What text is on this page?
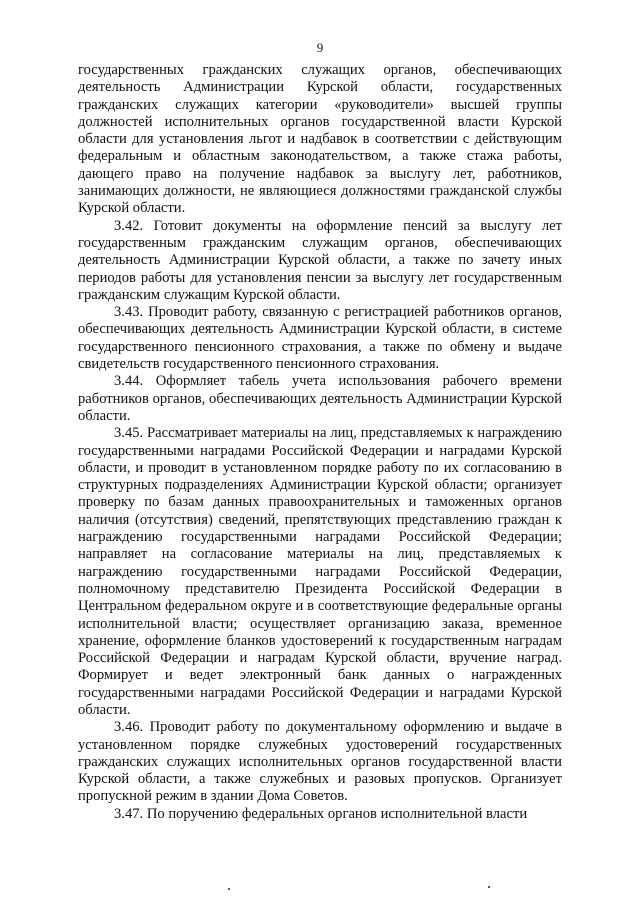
9

государственных гражданских служащих органов, обеспечивающих деятельность Администрации Курской области, государственных гражданских служащих категории «руководители» высшей группы должностей исполнительных органов государственной власти Курской области для установления льгот и надбавок в соответствии с действующим федеральным и областным законодательством, а также стажа работы, дающего право на получение надбавок за выслугу лет, работников, занимающих должности, не являющиеся должностями гражданской службы Курской области.

3.42. Готовит документы на оформление пенсий за выслугу лет государственным гражданским служащим органов, обеспечивающих деятельность Администрации Курской области, а также по зачету иных периодов работы для установления пенсии за выслугу лет государственным гражданским служащим Курской области.

3.43. Проводит работу, связанную с регистрацией работников органов, обеспечивающих деятельность Администрации Курской области, в системе государственного пенсионного страхования, а также по обмену и выдаче свидетельств государственного пенсионного страхования.

3.44. Оформляет табель учета использования рабочего времени работников органов, обеспечивающих деятельность Администрации Курской области.

3.45. Рассматривает материалы на лиц, представляемых к награждению государственными наградами Российской Федерации и наградами Курской области, и проводит в установленном порядке работу по их согласованию в структурных подразделениях Администрации Курской области; организует проверку по базам данных правоохранительных и таможенных органов наличия (отсутствия) сведений, препятствующих представлению граждан к награждению государственными наградами Российской Федерации; направляет на согласование материалы на лиц, представляемых к награждению государственными наградами Российской Федерации, полномочному представителю Президента Российской Федерации в Центральном федеральном округе и в соответствующие федеральные органы исполнительной власти; осуществляет организацию заказа, временное хранение, оформление бланков удостоверений к государственным наградам Российской Федерации и наградам Курской области, вручение наград. Формирует и ведет электронный банк данных о награжденных государственными наградами Российской Федерации и наградами Курской области.

3.46. Проводит работу по документальному оформлению и выдаче в установленном порядке служебных удостоверений государственных гражданских служащих исполнительных органов государственной власти Курской области, а также служебных и разовых пропусков. Организует пропускной режим в здании Дома Советов.

3.47. По поручению федеральных органов исполнительной власти
